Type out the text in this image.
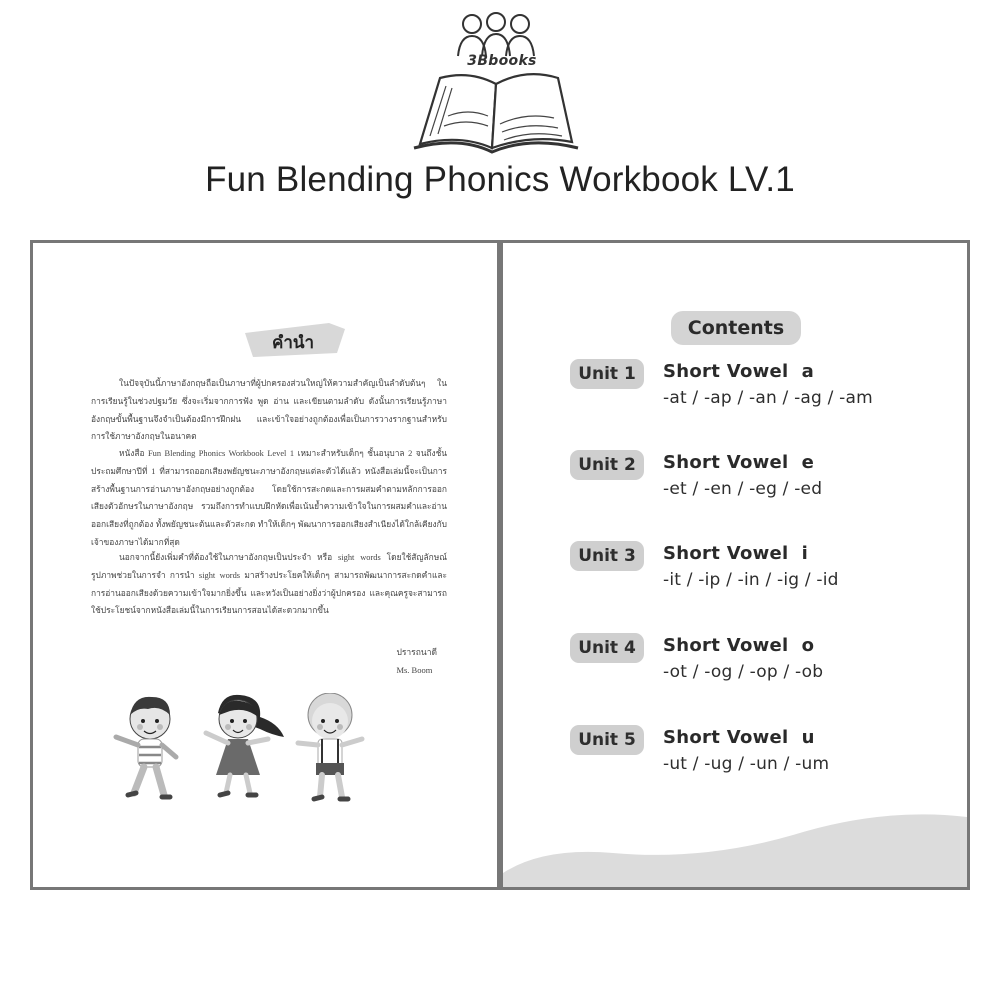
3Bbooks
Fun Blending Phonics Workbook LV.1
คำนำ
ในปัจจุบันนี้ภาษาอังกฤษถือเป็นภาษาที่ผู้ปกครองส่วนใหญ่ให้ความสำคัญเป็นลำดับต้นๆ ในการเรียนรู้ในช่วงปฐมวัย ซึ่งจะเริ่มจากการฟัง พูด อ่าน และเขียนตามลำดับ ดังนั้นการเรียนรู้ภาษาอังกฤษขั้นพื้นฐานจึงจำเป็นต้องมีการฝึกฝน และเข้าใจอย่างถูกต้องเพื่อเป็นการวางรากฐานสำหรับการใช้ภาษาอังกฤษในอนาคต
หนังสือ Fun Blending Phonics Workbook Level 1 เหมาะสำหรับเด็กๆ ชั้นอนุบาล 2 จนถึงชั้นประถมศึกษาปีที่ 1 ที่สามารถออกเสียงพยัญชนะภาษาอังกฤษแต่ละตัวได้แล้ว หนังสือเล่มนี้จะเป็นการสร้างพื้นฐานการอ่านภาษาอังกฤษอย่างถูกต้อง โดยใช้การสะกดและการผสมคำตามหลักการออกเสียงตัวอักษรในภาษาอังกฤษ รวมถึงการทำแบบฝึกหัดเพื่อเน้นย้ำความเข้าใจในการผสมคำและอ่านออกเสียงที่ถูกต้อง ทั้งพยัญชนะต้นและตัวสะกด ทำให้เด็กๆ พัฒนาการออกเสียงสำเนียงได้ใกล้เคียงกับเจ้าของภาษาได้มากที่สุด
นอกจากนี้ยังเพิ่มคำที่ต้องใช้ในภาษาอังกฤษเป็นประจำ หรือ sight words โดยใช้สัญลักษณ์รูปภาพช่วยในการจำ การนำ sight words มาสร้างประโยคให้เด็กๆ สามารถพัฒนาการสะกดคำและการอ่านออกเสียงด้วยความเข้าใจมากยิ่งขึ้น และหวังเป็นอย่างยิ่งว่าผู้ปกครอง และคุณครูจะสามารถใช้ประโยชน์จากหนังสือเล่มนี้ในการเรียนการสอนได้สะดวกมากขึ้น
ปรารถนาดี
Ms. Boom
Contents
Unit 1	Short Vowel  a
-at / -ap / -an / -ag / -am
Unit 2	Short Vowel  e
-et / -en / -eg / -ed
Unit 3	Short Vowel  i
-it / -ip / -in / -ig / -id
Unit 4	Short Vowel  o
-ot / -og / -op / -ob
Unit 5	Short Vowel  u
-ut / -ug / -un / -um
